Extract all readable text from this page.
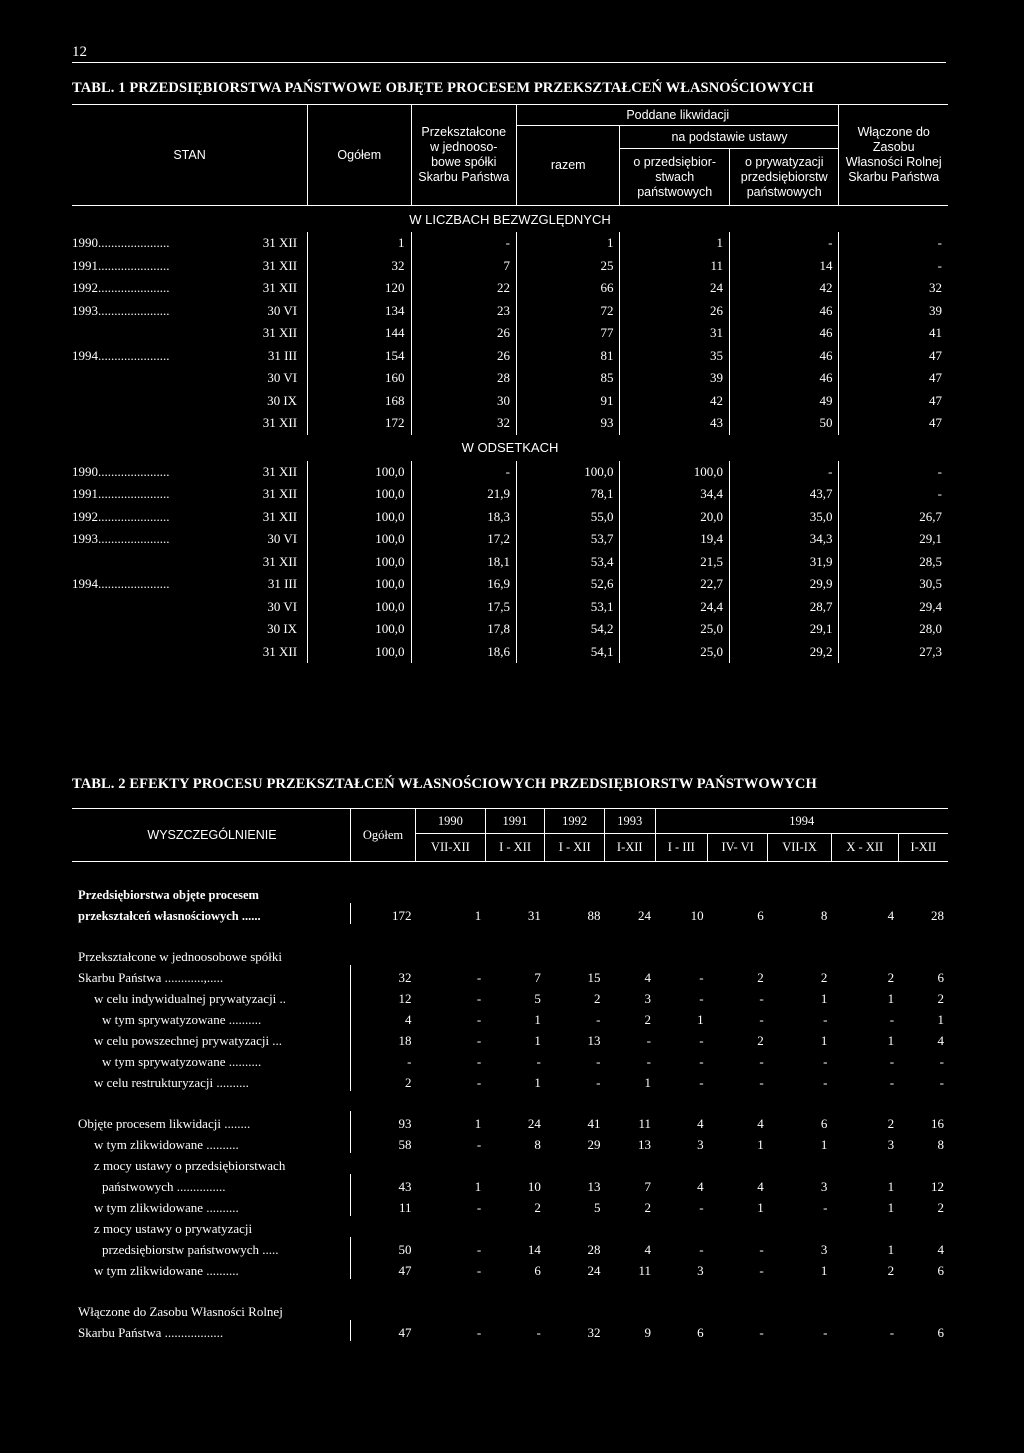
12
TABL. 1 PRZEDSIĘBIORSTWA PAŃSTWOWE OBJĘTE PROCESEM PRZEKSZTAŁCEŃ WŁASNOŚCIOWYCH
STAN	Ogółem	Przekształcone w jednooso- bowe spółki Skarbu Państwa	Poddane likwidacji			Włączone do Zasobu Własności Rolnej Skarbu Państwa
			razem	na podstawie ustawy		
				o przedsiębior- stwach państwowych	o prywatyzacji przedsiębiorstw państwowych	
W LICZBACH BEZWZGLĘDNYCH						

1990 ...................... 31 XII	1	-	1	1	-	-

1991 ...................... 31 XII	32	7	25	11	14	-

1992 ...................... 31 XII	120	22	66	24	42	32

1993 ...................... 30 VI	134	23	72	26	46	39

31 XII	144	26	77	31	46	41

1994 ...................... 31 III	154	26	81	35	46	47

30 VI	160	28	85	39	46	47

30 IX	168	30	91	42	49	47

31 XII	172	32	93	43	50	47
W ODSETKACH						

1990 ...................... 31 XII	100,0	-	100,0	100,0	-	-

1991 ...................... 31 XII	100,0	21,9	78,1	34,4	43,7	-

1992 ...................... 31 XII	100,0	18,3	55,0	20,0	35,0	26,7

1993 ...................... 30 VI	100,0	17,2	53,7	19,4	34,3	29,1

31 XII	100,0	18,1	53,4	21,5	31,9	28,5

1994 ...................... 31 III	100,0	16,9	52,6	22,7	29,9	30,5

30 VI	100,0	17,5	53,1	24,4	28,7	29,4

30 IX	100,0	17,8	54,2	25,0	29,1	28,0

31 XII	100,0	18,6	54,1	25,0	29,2	27,3
TABL. 2 EFEKTY PROCESU PRZEKSZTAŁCEŃ WŁASNOŚCIOWYCH PRZEDSIĘBIORSTW PAŃSTWOWYCH
WYSZCZEGÓLNIENIE	Ogółem	1990	1991	1992	1993	1994				
		VII-XII	I - XII	I - XII	I-XII	I - III	IV- VI	VII-IX	X - XII	I-XII

Przedsiębiorstwa objęte procesem										
przekształceń własnościowych ......	172	1	31	88	24	10	6	8	4	28

Przekształcone w jednoosobowe spółki										
Skarbu Państwa ............,.....	32	-	7	15	4	-	2	2	2	6
w celu indywidualnej prywatyzacji ..	12	-	5	2	3	-	-	1	1	2
w tym sprywatyzowane ..........	4	-	1	-	2	1	-	-	-	1
w celu powszechnej prywatyzacji ...	18	-	1	13	-	-	2	1	1	4
w tym sprywatyzowane ..........	-	-	-	-	-	-	-	-	-	-
w celu restrukturyzacji ..........	2	-	1	-	1	-	-	-	-	-

Objęte procesem likwidacji ........	93	1	24	41	11	4	4	6	2	16
w tym zlikwidowane ..........	58	-	8	29	13	3	1	1	3	8
z mocy ustawy o przedsiębiorstwach										
państwowych ...............	43	1	10	13	7	4	4	3	1	12
w tym zlikwidowane ..........	11	-	2	5	2	-	1	-	1	2
z mocy ustawy o prywatyzacji										
przedsiębiorstw państwowych .....	50	-	14	28	4	-	-	3	1	4
w tym zlikwidowane ..........	47	-	6	24	11	3	-	1	2	6

Włączone do Zasobu Własności Rolnej										
Skarbu Państwa ..................	47	-	-	32	9	6	-	-	-	6
